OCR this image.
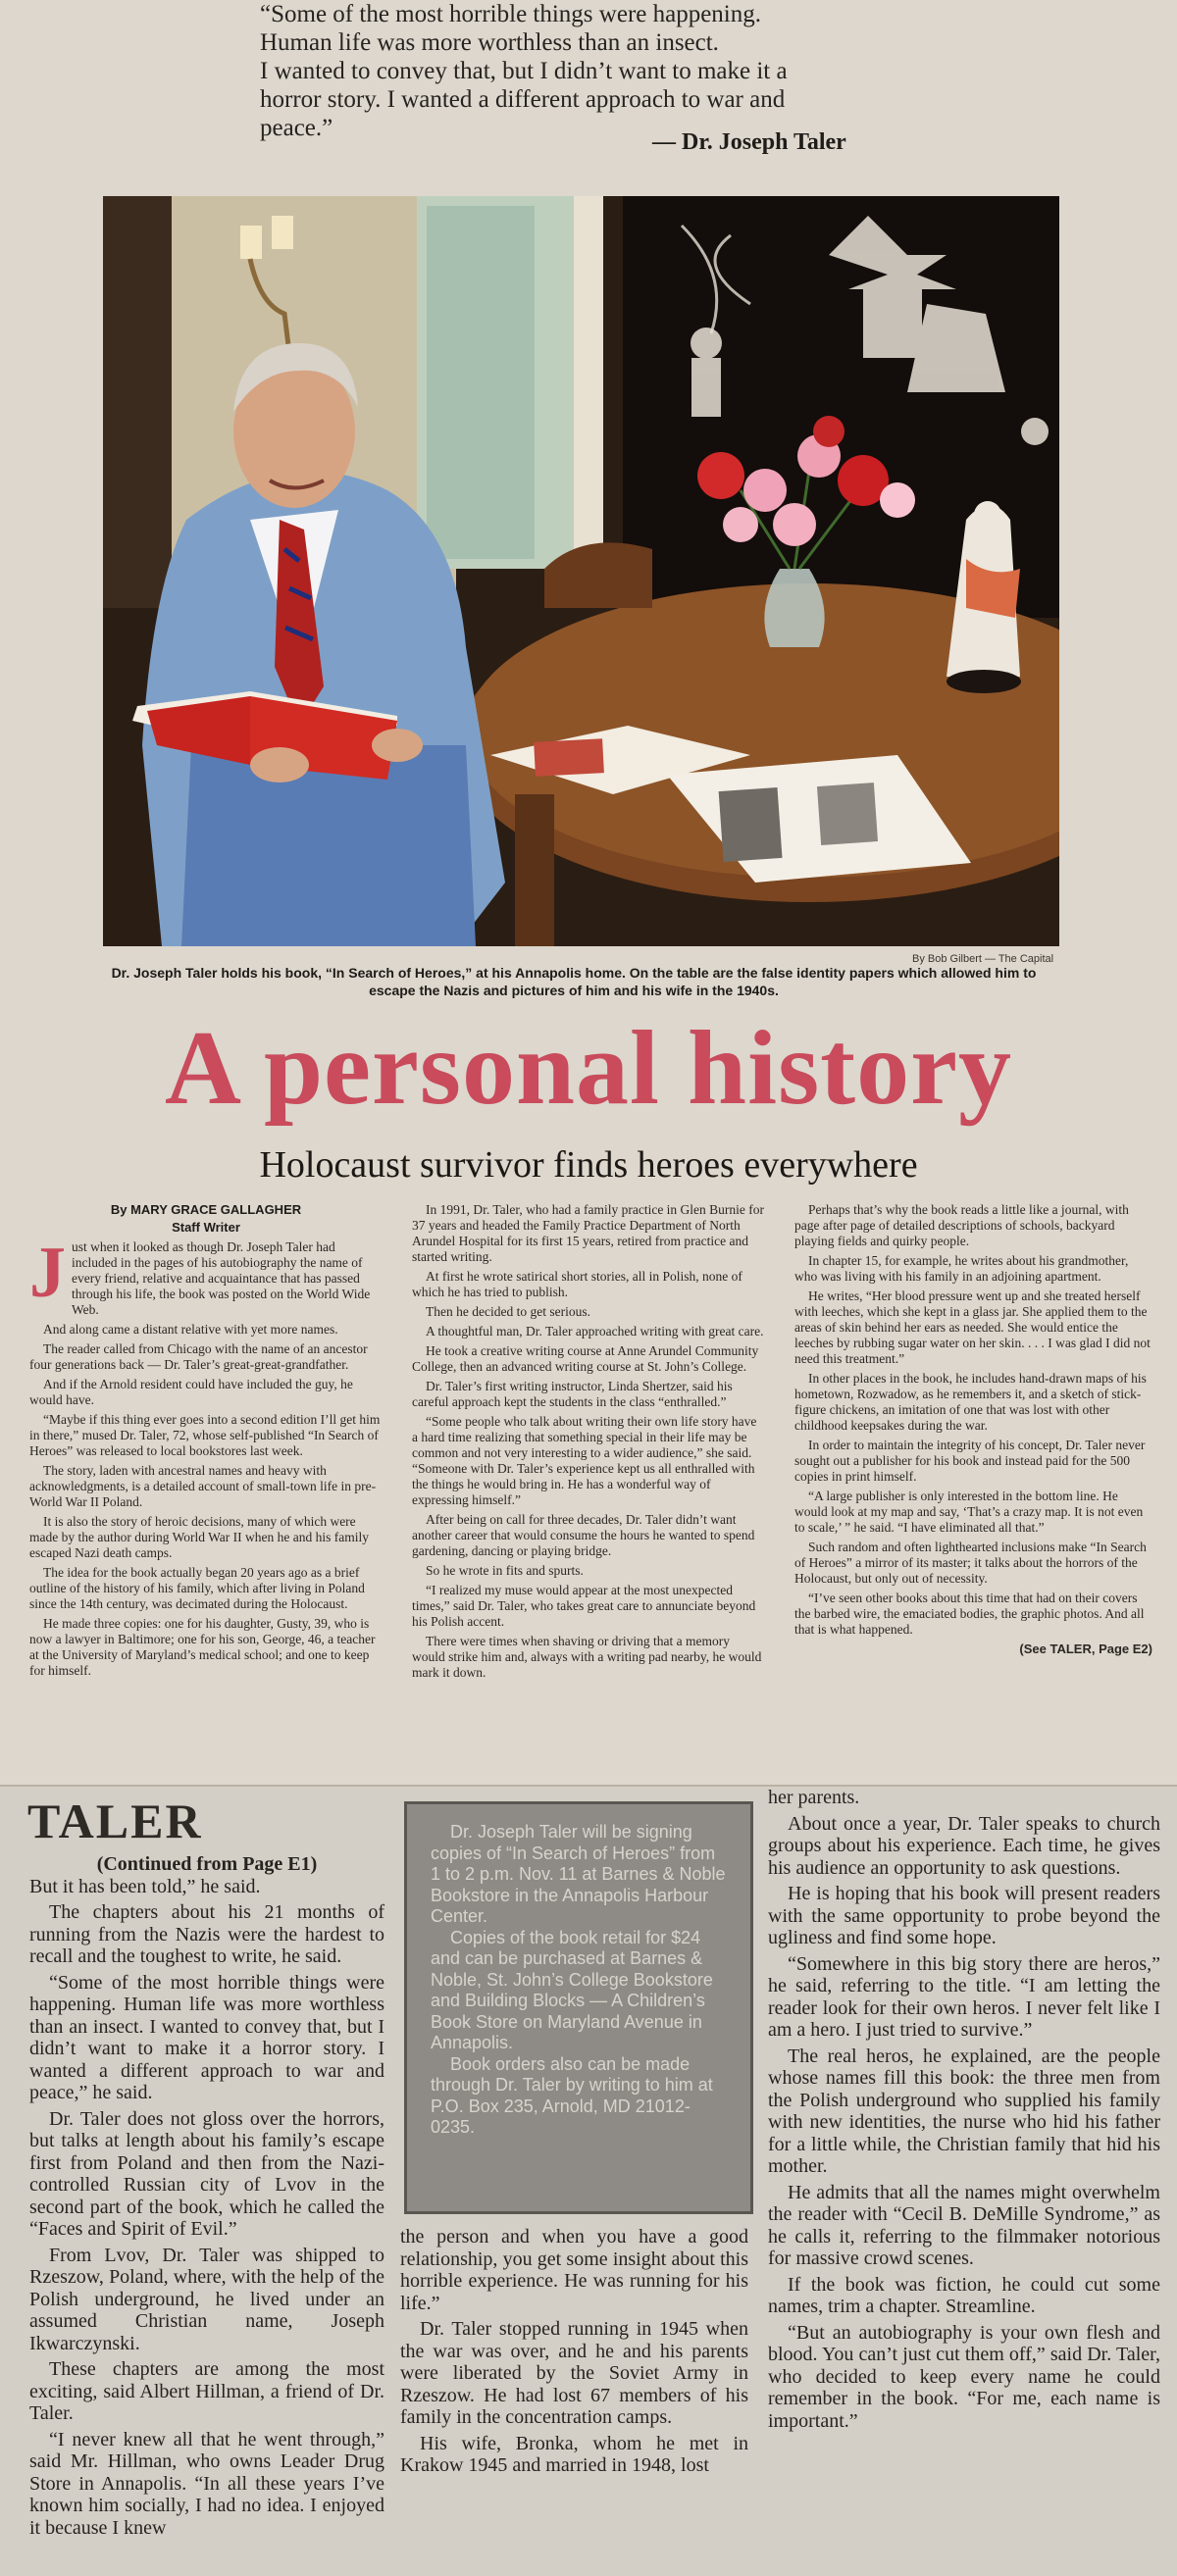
“Some of the most horrible things were happening.

Human life was more worthless than an insect.

I wanted to convey that, but I didn’t want to make it a

horror story. I wanted a different approach to war and

peace.”

— Dr. Joseph Taler
By Bob Gilbert — The Capital
Dr. Joseph Taler holds his book, “In Search of Heroes,” at his Annapolis home. On the table are the false identity papers which allowed him to escape the Nazis and pictures of him and his wife in the 1940s.
A personal history
Holocaust survivor finds heroes everywhere
By MARY GRACE GALLAGHER
Staff Writer

Just when it looked as though Dr. Joseph Taler had included in the pages of his autobiography the name of every friend, relative and acquaintance that has passed through his life, the book was posted on the World Wide Web.

And along came a distant relative with yet more names.

The reader called from Chicago with the name of an ancestor four generations back — Dr. Taler’s great-great-grandfather.

And if the Arnold resident could have included the guy, he would have.

“Maybe if this thing ever goes into a second edition I’ll get him in there,” mused Dr. Taler, 72, whose self-published “In Search of Heroes” was released to local bookstores last week.

The story, laden with ancestral names and heavy with acknowledgments, is a detailed account of small-town life in pre-World War II Poland.

It is also the story of heroic decisions, many of which were made by the author during World War II when he and his family escaped Nazi death camps.

The idea for the book actually began 20 years ago as a brief outline of the history of his family, which after living in Poland since the 14th century, was decimated during the Holocaust.

He made three copies: one for his daughter, Gusty, 39, who is now a lawyer in Baltimore; one for his son, George, 46, a teacher at the University of Maryland’s medical school; and one to keep for himself.

In 1991, Dr. Taler, who had a family practice in Glen Burnie for 37 years and headed the Family Practice Department of North Arundel Hospital for its first 15 years, retired from practice and started writing.

At first he wrote satirical short stories, all in Polish, none of which he has tried to publish.

Then he decided to get serious.

A thoughtful man, Dr. Taler approached writing with great care.

He took a creative writing course at Anne Arundel Community College, then an advanced writing course at St. John’s College.

Dr. Taler’s first writing instructor, Linda Shertzer, said his careful approach kept the students in the class “enthralled.”

“Some people who talk about writing their own life story have a hard time realizing that something special in their life may be common and not very interesting to a wider audience,” she said. “Someone with Dr. Taler’s experience kept us all enthralled with the things he would bring in. He has a wonderful way of expressing himself.”

After being on call for three decades, Dr. Taler didn’t want another career that would consume the hours he wanted to spend gardening, dancing or playing bridge.

So he wrote in fits and spurts.

“I realized my muse would appear at the most unexpected times,” said Dr. Taler, who takes great care to annunciate beyond his Polish accent.

There were times when shaving or driving that a memory would strike him and, always with a writing pad nearby, he would mark it down.

Perhaps that’s why the book reads a little like a journal, with page after page of detailed descriptions of schools, backyard playing fields and quirky people.

In chapter 15, for example, he writes about his grandmother, who was living with his family in an adjoining apartment.

He writes, “Her blood pressure went up and she treated herself with leeches, which she kept in a glass jar. She applied them to the areas of skin behind her ears as needed. She would entice the leeches by rubbing sugar water on her skin. . . . I was glad I did not need this treatment.”

In other places in the book, he includes hand-drawn maps of his hometown, Rozwadow, as he remembers it, and a sketch of stick-figure chickens, an imitation of one that was lost with other childhood keepsakes during the war.

In order to maintain the integrity of his concept, Dr. Taler never sought out a publisher for his book and instead paid for the 500 copies in print himself.

“A large publisher is only interested in the bottom line. He would look at my map and say, ‘That’s a crazy map. It is not even to scale,’ ” he said. “I have eliminated all that.”

Such random and often lighthearted inclusions make “In Search of Heroes” a mirror of its master; it talks about the horrors of the Holocaust, but only out of necessity.

“I’ve seen other books about this time that had on their covers the barbed wire, the emaciated bodies, the graphic photos. And all that is what happened.

(See TALER, Page E2)
TALER
(Continued from Page E1)

But it has been told,” he said.

The chapters about his 21 months of running from the Nazis were the hardest to recall and the toughest to write, he said.

“Some of the most horrible things were happening. Human life was more worthless than an insect. I wanted to convey that, but I didn’t want to make it a horror story. I wanted a different approach to war and peace,” he said.

Dr. Taler does not gloss over the horrors, but talks at length about his family’s escape first from Poland and then from the Nazi-controlled Russian city of Lvov in the second part of the book, which he called the “Faces and Spirit of Evil.”

From Lvov, Dr. Taler was shipped to Rzeszow, Poland, where, with the help of the Polish underground, he lived under an assumed Christian name, Joseph Ikwarczynski.

These chapters are among the most exciting, said Albert Hillman, a friend of Dr. Taler.

“I never knew all that he went through,” said Mr. Hillman, who owns Leader Drug Store in Annapolis. “In all these years I’ve known him socially, I had no idea. I enjoyed it because I knew

Dr. Joseph Taler will be signing copies of “In Search of Heroes” from 1 to 2 p.m. Nov. 11 at Barnes & Noble Bookstore in the Annapolis Harbour Center.

Copies of the book retail for $24 and can be purchased at Barnes & Noble, St. John’s College Bookstore and Building Blocks — A Children’s Book Store on Maryland Avenue in Annapolis.

Book orders also can be made through Dr. Taler by writing to him at P.O. Box 235, Arnold, MD 21012-0235.

the person and when you have a good relationship, you get some insight about this horrible experience. He was running for his life.”

Dr. Taler stopped running in 1945 when the war was over, and he and his parents were liberated by the Soviet Army in Rzeszow. He had lost 67 members of his family in the concentration camps.

His wife, Bronka, whom he met in Krakow 1945 and married in 1948, lost

her parents.

About once a year, Dr. Taler speaks to church groups about his experience. Each time, he gives his audience an opportunity to ask questions.

He is hoping that his book will present readers with the same opportunity to probe beyond the ugliness and find some hope.

“Somewhere in this big story there are heros,” he said, referring to the title. “I am letting the reader look for their own heros. I never felt like I am a hero. I just tried to survive.”

The real heros, he explained, are the people whose names fill this book: the three men from the Polish underground who supplied his family with new identities, the nurse who hid his father for a little while, the Christian family that hid his mother.

He admits that all the names might overwhelm the reader with “Cecil B. DeMille Syndrome,” as he calls it, referring to the filmmaker notorious for massive crowd scenes.

If the book was fiction, he could cut some names, trim a chapter. Streamline.

“But an autobiography is your own flesh and blood. You can’t just cut them off,” said Dr. Taler, who decided to keep every name he could remember in the book. “For me, each name is important.”
